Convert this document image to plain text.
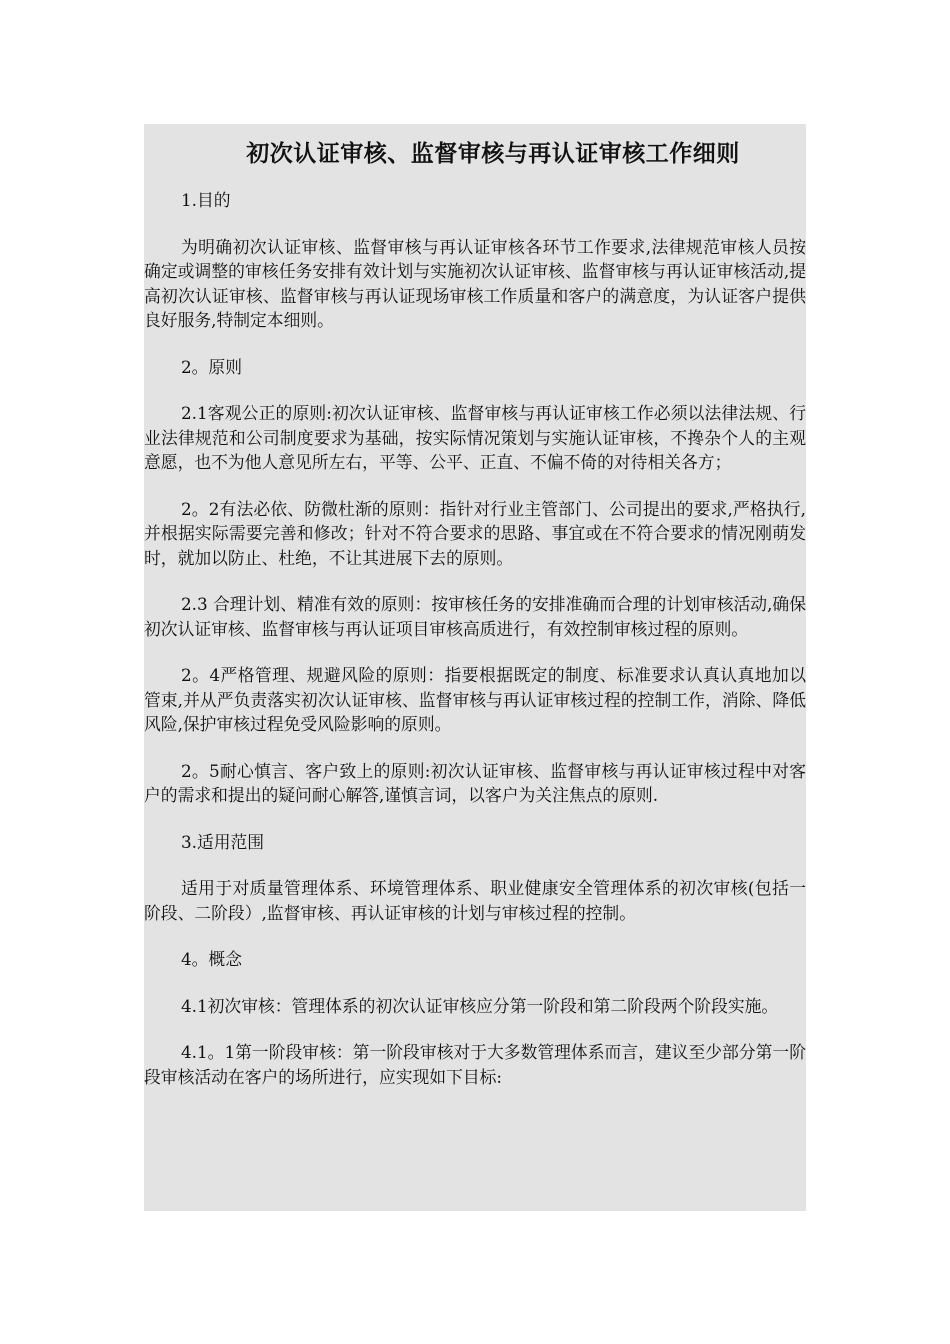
初次认证审核、监督审核与再认证审核工作细则

1.目的

为明确初次认证审核、监督审核与再认证审核各环节工作要求,法律规范审核人员按确定或调整的审核任务安排有效计划与实施初次认证审核、监督审核与再认证审核活动,提高初次认证审核、监督审核与再认证现场审核工作质量和客户的满意度，为认证客户提供良好服务,特制定本细则。

2。原则

2.1客观公正的原则:初次认证审核、监督审核与再认证审核工作必须以法律法规、行业法律规范和公司制度要求为基础，按实际情况策划与实施认证审核，不搀杂个人的主观意愿，也不为他人意见所左右，平等、公平、正直、不偏不倚的对待相关各方；

2。2有法必依、防微杜渐的原则：指针对行业主管部门、公司提出的要求,严格执行,并根据实际需要完善和修改；针对不符合要求的思路、事宜或在不符合要求的情况刚萌发时，就加以防止、杜绝，不让其进展下去的原则。

2.3 合理计划、精准有效的原则：按审核任务的安排准确而合理的计划审核活动,确保初次认证审核、监督审核与再认证项目审核高质进行，有效控制审核过程的原则。

2。4严格管理、规避风险的原则：指要根据既定的制度、标准要求认真认真地加以管束,并从严负责落实初次认证审核、监督审核与再认证审核过程的控制工作，消除、降低风险,保护审核过程免受风险影响的原则。

2。5耐心慎言、客户致上的原则:初次认证审核、监督审核与再认证审核过程中对客户的需求和提出的疑问耐心解答,谨慎言词，以客户为关注焦点的原则.

3.适用范围

适用于对质量管理体系、环境管理体系、职业健康安全管理体系的初次审核(包括一阶段、二阶段）,监督审核、再认证审核的计划与审核过程的控制。

4。概念

4.1初次审核：管理体系的初次认证审核应分第一阶段和第二阶段两个阶段实施。

4.1。1第一阶段审核：第一阶段审核对于大多数管理体系而言，建议至少部分第一阶段审核活动在客户的场所进行，应实现如下目标:
